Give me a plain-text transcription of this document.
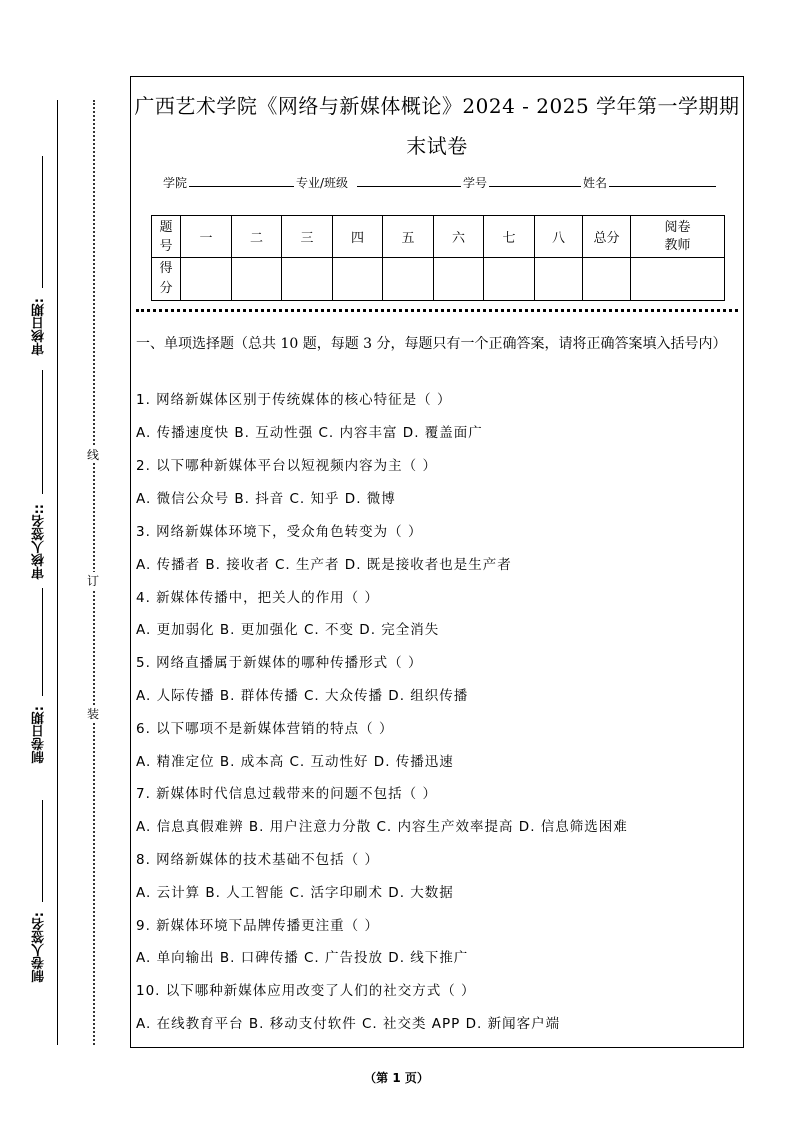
制卷人签名:
制卷日期:
审核人签名::
审核日期:
线
订
装
广西艺术学院《网络与新媒体概论》2024 - 2025 学年第一学期期
末试卷
学院	专业/班级	学号	姓名
题号	一	二	三	四	五	六	七	八	总分	阅卷教师
得分										
一、单项选择题（总共 10 题，每题 3 分，每题只有一个正确答案，请将正确答案填入括号内）
1. 网络新媒体区别于传统媒体的核心特征是（ ）
A. 传播速度快 B. 互动性强 C. 内容丰富 D. 覆盖面广
2. 以下哪种新媒体平台以短视频内容为主（ ）
A. 微信公众号 B. 抖音 C. 知乎 D. 微博
3. 网络新媒体环境下，受众角色转变为（ ）
A. 传播者 B. 接收者 C. 生产者 D. 既是接收者也是生产者
4. 新媒体传播中，把关人的作用（ ）
A. 更加弱化 B. 更加强化 C. 不变 D. 完全消失
5. 网络直播属于新媒体的哪种传播形式（ ）
A. 人际传播 B. 群体传播 C. 大众传播 D. 组织传播
6. 以下哪项不是新媒体营销的特点（ ）
A. 精准定位 B. 成本高 C. 互动性好 D. 传播迅速
7. 新媒体时代信息过载带来的问题不包括（ ）
A. 信息真假难辨 B. 用户注意力分散 C. 内容生产效率提高 D. 信息筛选困难
8. 网络新媒体的技术基础不包括（ ）
A. 云计算 B. 人工智能 C. 活字印刷术 D. 大数据
9. 新媒体环境下品牌传播更注重（ ）
A. 单向输出 B. 口碑传播 C. 广告投放 D. 线下推广
10. 以下哪种新媒体应用改变了人们的社交方式（ ）
A. 在线教育平台 B. 移动支付软件 C. 社交类 APP D. 新闻客户端
（第 1 页）
